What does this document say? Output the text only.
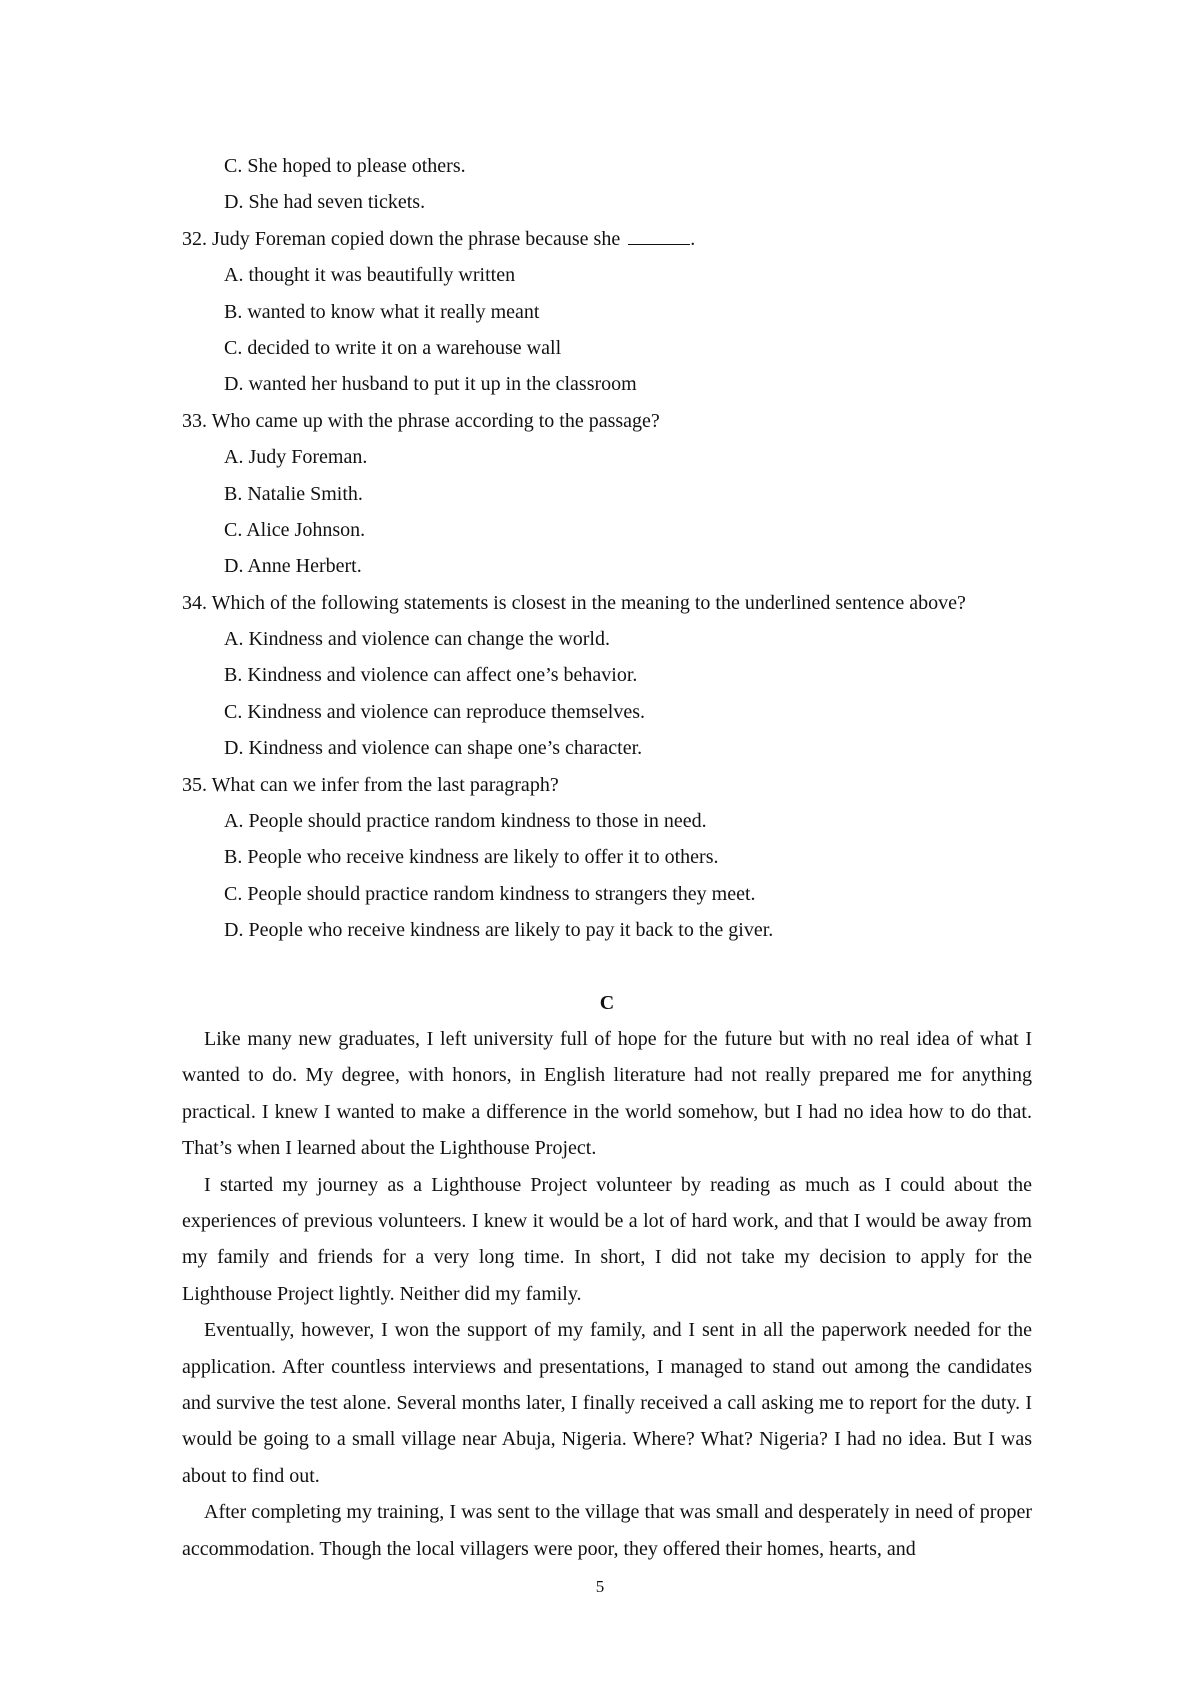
C. She hoped to please others.
D. She had seven tickets.
32. Judy Foreman copied down the phrase because she	.
A. thought it was beautifully written
B. wanted to know what it really meant
C. decided to write it on a warehouse wall
D. wanted her husband to put it up in the classroom
33. Who came up with the phrase according to the passage?
A. Judy Foreman.
B. Natalie Smith.
C. Alice Johnson.
D. Anne Herbert.
34. Which of the following statements is closest in the meaning to the underlined sentence above?
A. Kindness and violence can change the world.
B. Kindness and violence can affect one’s behavior.
C. Kindness and violence can reproduce themselves.
D. Kindness and violence can shape one’s character.
35. What can we infer from the last paragraph?
A. People should practice random kindness to those in need.
B. People who receive kindness are likely to offer it to others.
C. People should practice random kindness to strangers they meet.
D. People who receive kindness are likely to pay it back to the giver.
C

Like many new graduates, I left university full of hope for the future but with no real idea of what I wanted to do. My degree, with honors, in English literature had not really prepared me for anything practical. I knew I wanted to make a difference in the world somehow, but I had no idea how to do that. That’s when I learned about the Lighthouse Project.

I started my journey as a Lighthouse Project volunteer by reading as much as I could about the experiences of previous volunteers. I knew it would be a lot of hard work, and that I would be away from my family and friends for a very long time. In short, I did not take my decision to apply for the Lighthouse Project lightly. Neither did my family.

Eventually, however, I won the support of my family, and I sent in all the paperwork needed for the application. After countless interviews and presentations, I managed to stand out among the candidates and survive the test alone. Several months later, I finally received a call asking me to report for the duty. I would be going to a small village near Abuja, Nigeria. Where? What? Nigeria? I had no idea. But I was about to find out.

After completing my training, I was sent to the village that was small and desperately in need of proper accommodation. Though the local villagers were poor, they offered their homes, hearts, and

5
